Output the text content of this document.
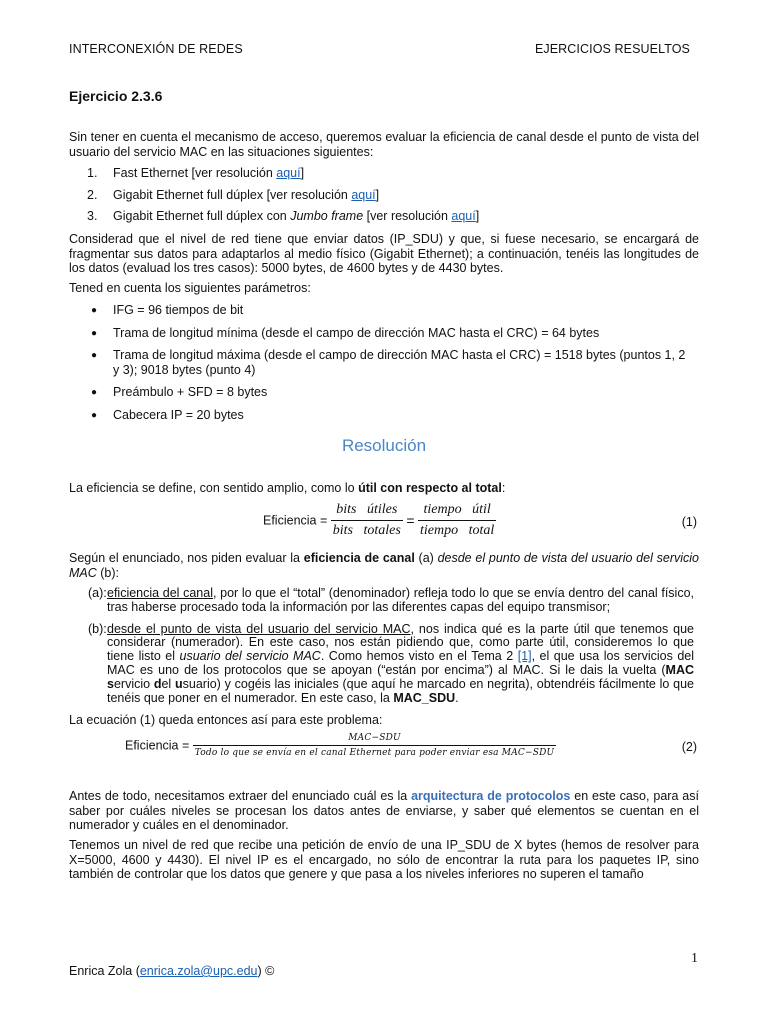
INTERCONEXIÓN DE REDES	EJERCICIOS RESUELTOS
Ejercicio 2.3.6
Sin tener en cuenta el mecanismo de acceso, queremos evaluar la eficiencia de canal desde el punto de vista del usuario del servicio MAC en las situaciones siguientes:
1. Fast Ethernet [ver resolución aquí]
2. Gigabit Ethernet full dúplex [ver resolución aquí]
3. Gigabit Ethernet full dúplex con Jumbo frame [ver resolución aquí]
Considerad que el nivel de red tiene que enviar datos (IP_SDU) y que, si fuese necesario, se encargará de fragmentar sus datos para adaptarlos al medio físico (Gigabit Ethernet); a continuación, tenéis las longitudes de los datos (evaluad los tres casos): 5000 bytes, de 4600 bytes y de 4430 bytes.
Tened en cuenta los siguientes parámetros:
● IFG = 96 tiempos de bit
● Trama de longitud mínima (desde el campo de dirección MAC hasta el CRC) = 64 bytes
● Trama de longitud máxima (desde el campo de dirección MAC hasta el CRC) = 1518 bytes (puntos 1, 2 y 3); 9018 bytes (punto 4)
● Preámbulo + SFD = 8 bytes
● Cabecera IP = 20 bytes
Resolución
La eficiencia se define, con sentido amplio, como lo útil con respecto al total:
Eficiencia = $\frac{\text{bits   útiles}}{\text{bits   totales}} = \frac{\text{tiempo   útil}}{\text{tiempo   total}}$	(1)
Según el enunciado, nos piden evaluar la eficiencia de canal (a) desde el punto de vista del usuario del servicio MAC (b):
(a): eficiencia del canal, por lo que el “total” (denominador) refleja todo lo que se envía dentro del canal físico, tras haberse procesado toda la información por las diferentes capas del equipo transmisor;
(b): desde el punto de vista del usuario del servicio MAC, nos indica qué es la parte útil que tenemos que considerar (numerador). En este caso, nos están pidiendo que, como parte útil, consideremos lo que tiene listo el usuario del servicio MAC. Como hemos visto en el Tema 2 [1], el que usa los servicios del MAC es uno de los protocolos que se apoyan (“están por encima”) al MAC. Si le dais la vuelta (MAC servicio del usuario) y cogéis las iniciales (que aquí he marcado en negrita), obtendréis fácilmente lo que tenéis que poner en el numerador. En este caso, la MAC_SDU.
La ecuación (1) queda entonces así para este problema:
Eficiencia =
MAC−SDU
Todo lo que se envía en el canal Ethernet para poder enviar esa MAC−SDU	(2)
Antes de todo, necesitamos extraer del enunciado cuál es la arquitectura de protocolos en este caso, para así saber por cuáles niveles se procesan los datos antes de enviarse, y saber qué elementos se cuentan en el numerador y cuáles en el denominador.
Tenemos un nivel de red que recibe una petición de envío de una IP_SDU de X bytes (hemos de resolver para X=5000, 4600 y 4430). El nivel IP es el encargado, no sólo de encontrar la ruta para los paquetes IP, sino también de controlar que los datos que genere y que pasa a los niveles inferiores no superen el tamaño
1
Enrica Zola (enrica.zola@upc.edu) ©
